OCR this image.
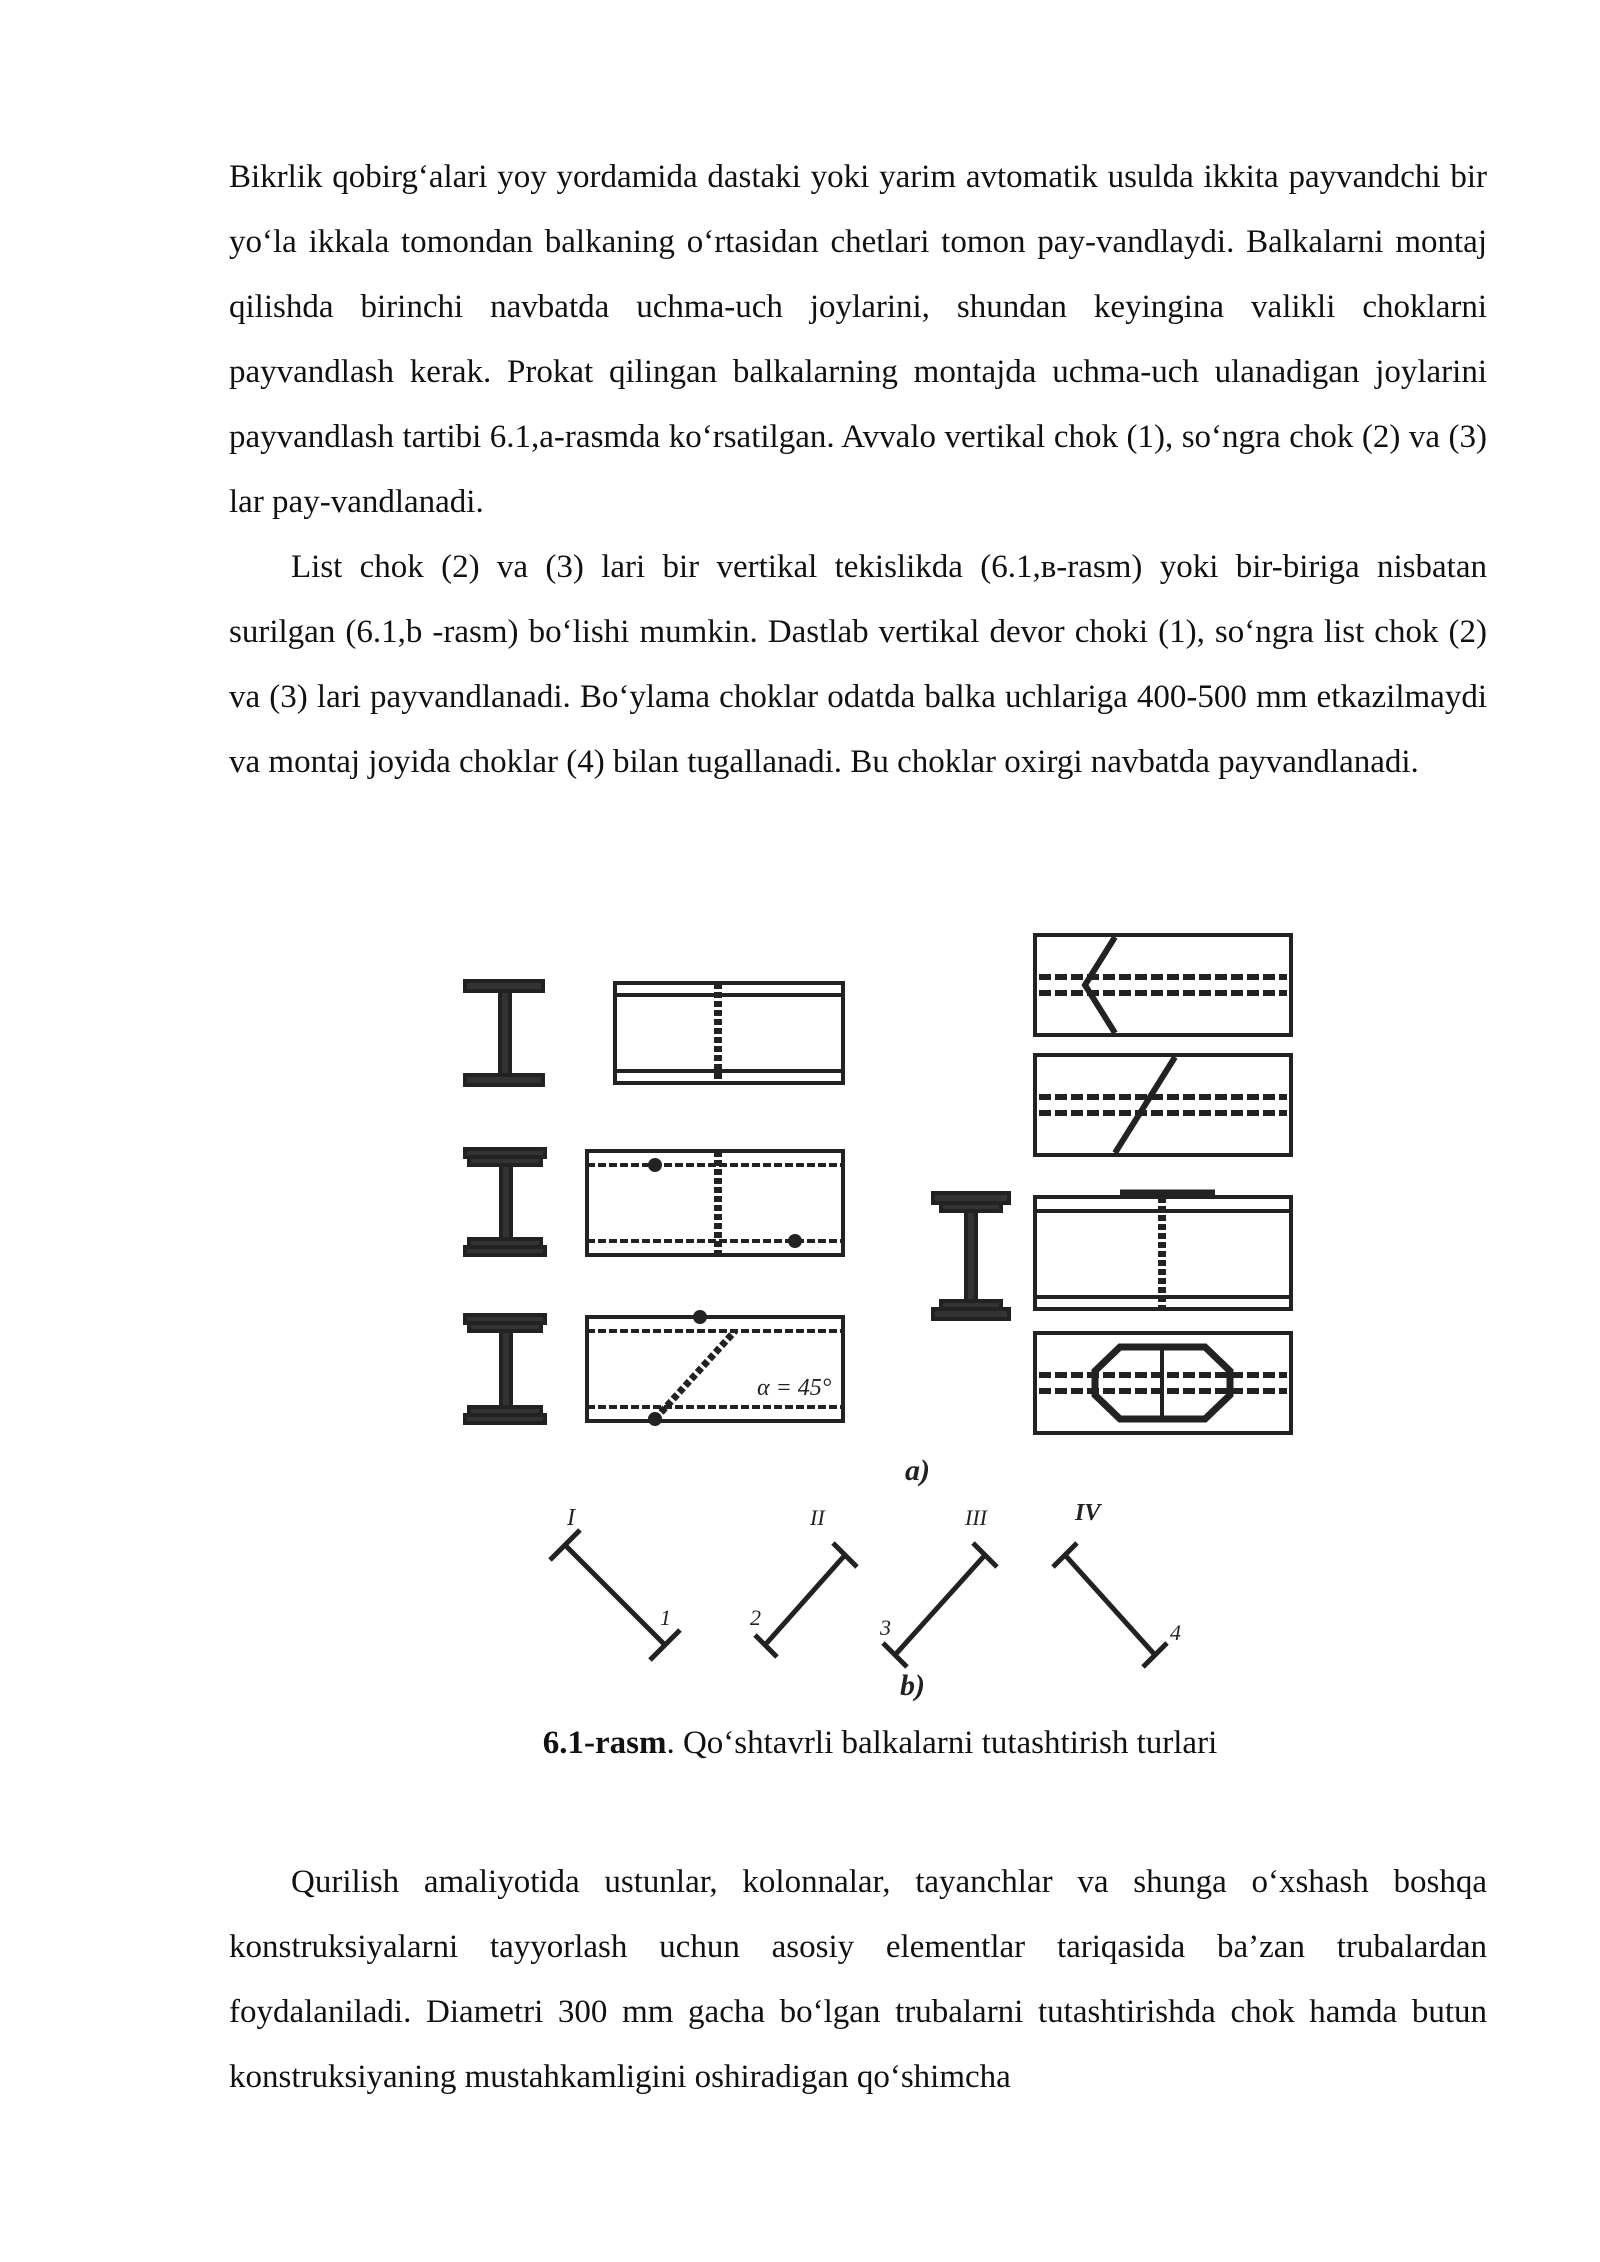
Bikrlik qobirg‘alari yoy yordamida dastaki yoki yarim avtomatik usulda ikkita payvandchi bir yo‘la ikkala tomondan balkaning o‘rtasidan chetlari tomon pay-vandlaydi. Balkalarni montaj qilishda birinchi navbatda uchma-uch joylarini, shundan keyingina valikli choklarni payvandlash kerak. Prokat qilingan balkalarning montajda uchma-uch ulanadigan joylarini payvandlash tartibi 6.1,a-rasmda ko‘rsatilgan. Avvalo vertikal chok (1), so‘ngra chok (2) va (3) lar pay-vandlanadi.

List chok (2) va (3) lari bir vertikal tekislikda (6.1,в-rasm) yoki bir-biriga nisbatan surilgan (6.1,b -rasm) bo‘lishi mumkin. Dastlab vertikal devor choki (1), so‘ngra list chok (2) va (3) lari payvandlanadi. Bo‘ylama choklar odatda balka uchlariga 400-500 mm etkazilmaydi va montaj joyida choklar (4) bilan tugallanadi. Bu choklar oxirgi navbatda payvandlanadi.

α = 45°
a)
I
1
II
2
III
3
IV
4
b)
6.1-rasm. Qo‘shtavrli balkalarni tutashtirish turlari

Qurilish amaliyotida ustunlar, kolonnalar, tayanchlar va shunga o‘xshash boshqa konstruksiyalarni tayyorlash uchun asosiy elementlar tariqasida ba’zan trubalardan foydalaniladi. Diametri 300 mm gacha bo‘lgan trubalarni tutashtirishda chok hamda butun konstruksiyaning mustahkamligini oshiradigan qo‘shimcha
